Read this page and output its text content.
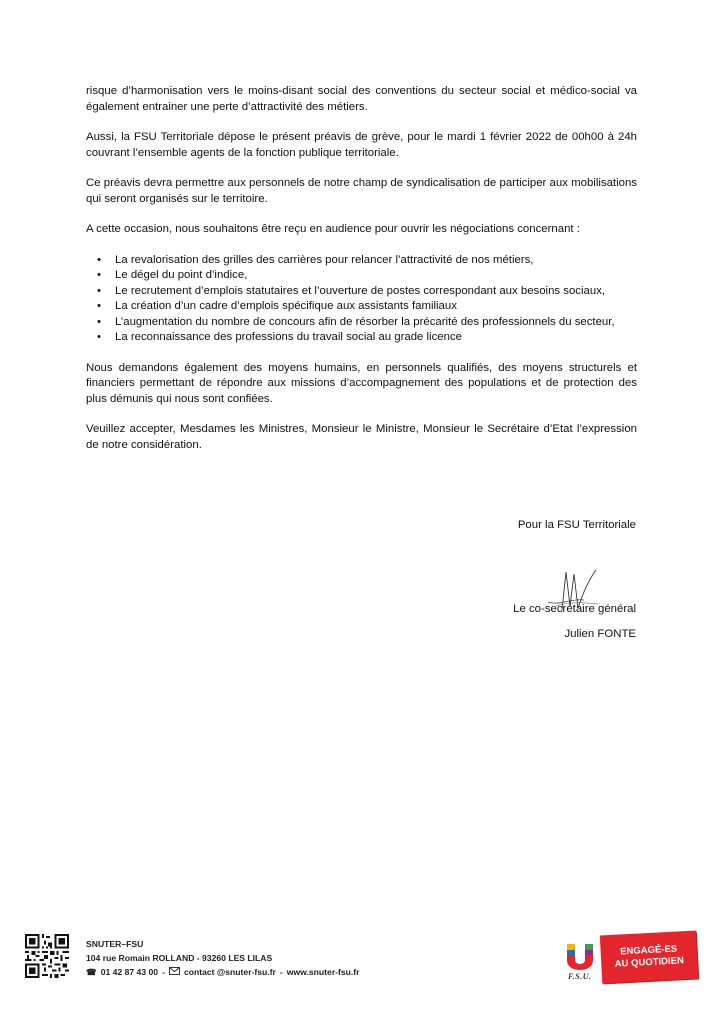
risque d’harmonisation vers le moins-disant social des conventions du secteur social et médico-social va également entrainer une perte d’attractivité des métiers.

Aussi, la FSU Territoriale dépose le présent préavis de grève, pour le mardi 1 février 2022 de 00h00 à 24h couvrant l’ensemble agents de la fonction publique territoriale.

Ce préavis devra permettre aux personnels de notre champ de syndicalisation de participer aux mobilisations qui seront organisés sur le territoire.

A cette occasion, nous souhaitons être reçu en audience pour ouvrir les négociations concernant :

• La revalorisation des grilles des carrières pour relancer l’attractivité de nos métiers,
• Le dégel du point d’indice,
• Le recrutement d’emplois statutaires et l’ouverture de postes correspondant aux besoins sociaux,
• La création d’un cadre d’emplois spécifique aux assistants familiaux
• L’augmentation du nombre de concours afin de résorber la précarité des professionnels du secteur,
• La reconnaissance des professions du travail social au grade licence

Nous demandons également des moyens humains, en personnels qualifiés, des moyens structurels et financiers permettant de répondre aux missions d’accompagnement des populations et de protection des plus démunis qui nous sont confiées.

Veuillez accepter, Mesdames les Ministres, Monsieur le Ministre, Monsieur le Secrétaire d’Etat l’expression de notre considération.

Pour la FSU Territoriale
Le co-secrétaire général
Julien FONTE
SNUTER–FSU
104 rue Romain ROLLAND - 93260 LES LILAS
☎ 01 42 87 43 00 - contact @snuter-fsu.fr - www.snuter-fsu.fr	F.S.U.
ENGAGÉ-ES
AU QUOTIDIEN
